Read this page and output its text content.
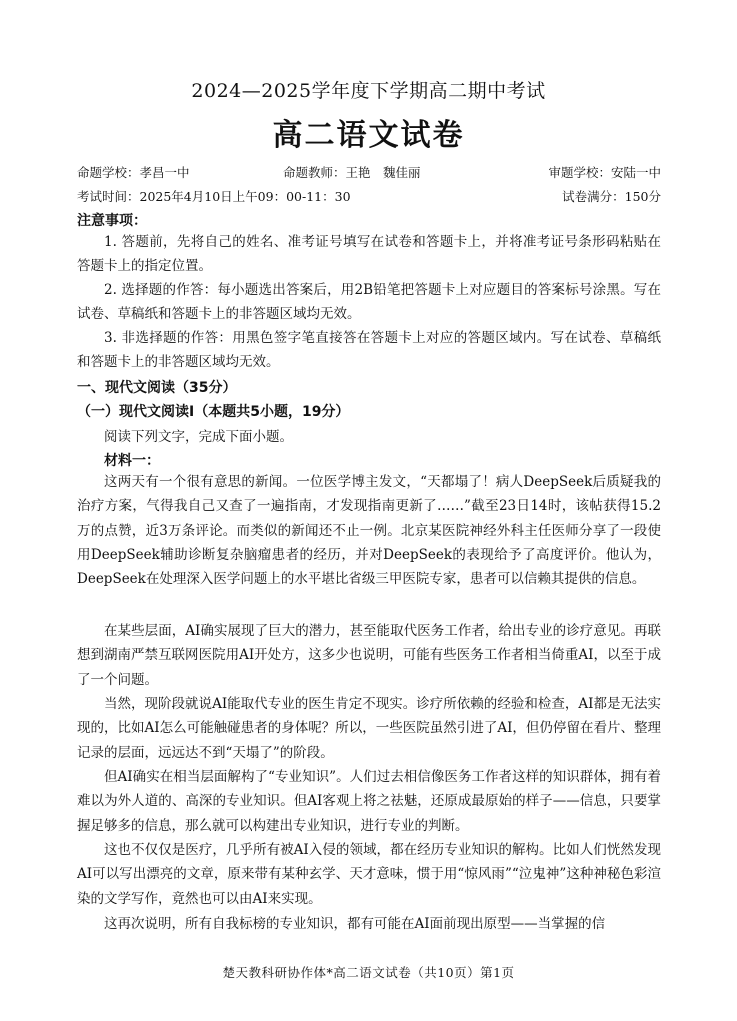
2024—2025学年度下学期高二期中考试
高二语文试卷
命题学校：孝昌一中	命题教师：王艳　魏佳丽	审题学校：安陆一中
考试时间：2025年4月10日上午09：00-11：30	试卷满分：150分
注意事项：

1. 答题前，先将自己的姓名、准考证号填写在试卷和答题卡上，并将准考证号条形码粘贴在答题卡上的指定位置。

2. 选择题的作答：每小题选出答案后，用2B铅笔把答题卡上对应题目的答案标号涂黑。写在试卷、草稿纸和答题卡上的非答题区域均无效。

3. 非选择题的作答：用黑色签字笔直接答在答题卡上对应的答题区域内。写在试卷、草稿纸和答题卡上的非答题区域均无效。

一、现代文阅读（35分）
（一）现代文阅读Ⅰ（本题共5小题，19分）
阅读下列文字，完成下面小题。
材料一：

这两天有一个很有意思的新闻。一位医学博主发文，“天都塌了！病人DeepSeek后质疑我的治疗方案，气得我自己又查了一遍指南，才发现指南更新了……”截至23日14时，该帖获得15.2万的点赞，近3万条评论。而类似的新闻还不止一例。北京某医院神经外科主任医师分享了一段使用DeepSeek辅助诊断复杂脑瘤患者的经历，并对DeepSeek的表现给予了高度评价。他认为，DeepSeek在处理深入医学问题上的水平堪比省级三甲医院专家，患者可以信赖其提供的信息。

在某些层面，AI确实展现了巨大的潜力，甚至能取代医务工作者，给出专业的诊疗意见。再联想到湖南严禁互联网医院用AI开处方，这多少也说明，可能有些医务工作者相当倚重AI，以至于成了一个问题。

当然，现阶段就说AI能取代专业的医生肯定不现实。诊疗所依赖的经验和检查，AI都是无法实现的，比如AI怎么可能触碰患者的身体呢？所以，一些医院虽然引进了AI，但仍停留在看片、整理记录的层面，远远达不到“天塌了”的阶段。

但AI确实在相当层面解构了“专业知识”。人们过去相信像医务工作者这样的知识群体，拥有着难以为外人道的、高深的专业知识。但AI客观上将之祛魅，还原成最原始的样子——信息，只要掌握足够多的信息，那么就可以构建出专业知识，进行专业的判断。

这也不仅仅是医疗，几乎所有被AI入侵的领域，都在经历专业知识的解构。比如人们恍然发现AI可以写出漂亮的文章，原来带有某种玄学、天才意味，惯于用“惊风雨”“泣鬼神”这种神秘色彩渲染的文学写作，竟然也可以由AI来实现。

这再次说明，所有自我标榜的专业知识，都有可能在AI面前现出原型——当掌握的信

楚天教科研协作体*高二语文试卷（共10页）第1页
